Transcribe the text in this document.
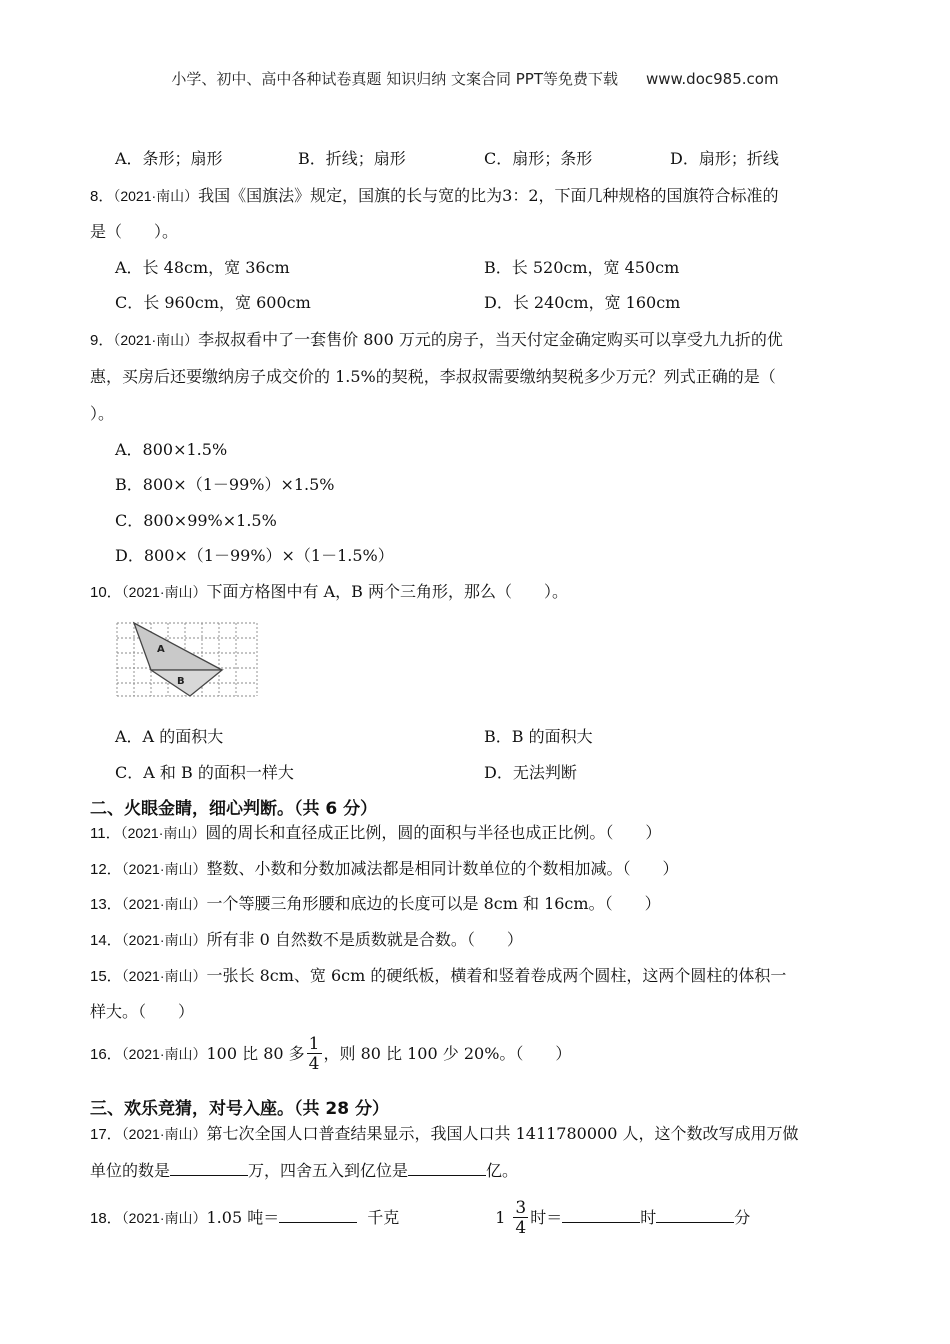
小学、初中、高中各种试卷真题 知识归纳 文案合同 PPT等免费下载 www.doc985.com
A．条形；扇形	B．折线；扇形	C．扇形；条形	D．扇形；折线
8．（2021·南山）我国《国旗法》规定，国旗的长与宽的比为3：2，下面几种规格的国旗符合标准的
是（　　）。
A．长 48cm，宽 36cm	B．长 520cm，宽 450cm
C．长 960cm，宽 600cm	D．长 240cm，宽 160cm
9．（2021·南山）李叔叔看中了一套售价 800 万元的房子，当天付定金确定购买可以享受九九折的优
惠，买房后还要缴纳房子成交价的 1.5%的契税，李叔叔需要缴纳契税多少万元？列式正确的是（
）。
A．800×1.5%
B．800×（1－99%）×1.5%
C．800×99%×1.5%
D．800×（1－99%）×（1－1.5%）
10．（2021·南山）下面方格图中有 A，B 两个三角形，那么（　　）。
A
B
A．A 的面积大	B．B 的面积大
C．A 和 B 的面积一样大	D．无法判断
二、火眼金睛，细心判断。（共 6 分）
11．（2021·南山）圆的周长和直径成正比例，圆的面积与半径也成正比例。（　　）
12．（2021·南山）整数、小数和分数加减法都是相同计数单位的个数相加减。（　　）
13．（2021·南山）一个等腰三角形腰和底边的长度可以是 8cm 和 16cm。（　　）
14．（2021·南山）所有非 0 自然数不是质数就是合数。（　　）
15．（2021·南山）一张长 8cm、宽 6cm 的硬纸板，横着和竖着卷成两个圆柱，这两个圆柱的体积一
样大。（　　）
16．（2021·南山）100 比 80 多 $\frac{1}{4}$ ，则 80 比 100 少 20%。（　　）
三、欢乐竞猜，对号入座。（共 28 分）
17．（2021·南山）第七次全国人口普查结果显示，我国人口共 1411780000 人，这个数改写成用万做
单位的数是	万，四舍五入到亿位是	亿。
18．（2021·南山）1.05 吨＝	千克	$1 \frac{3}{4}$ 时＝	时	分
